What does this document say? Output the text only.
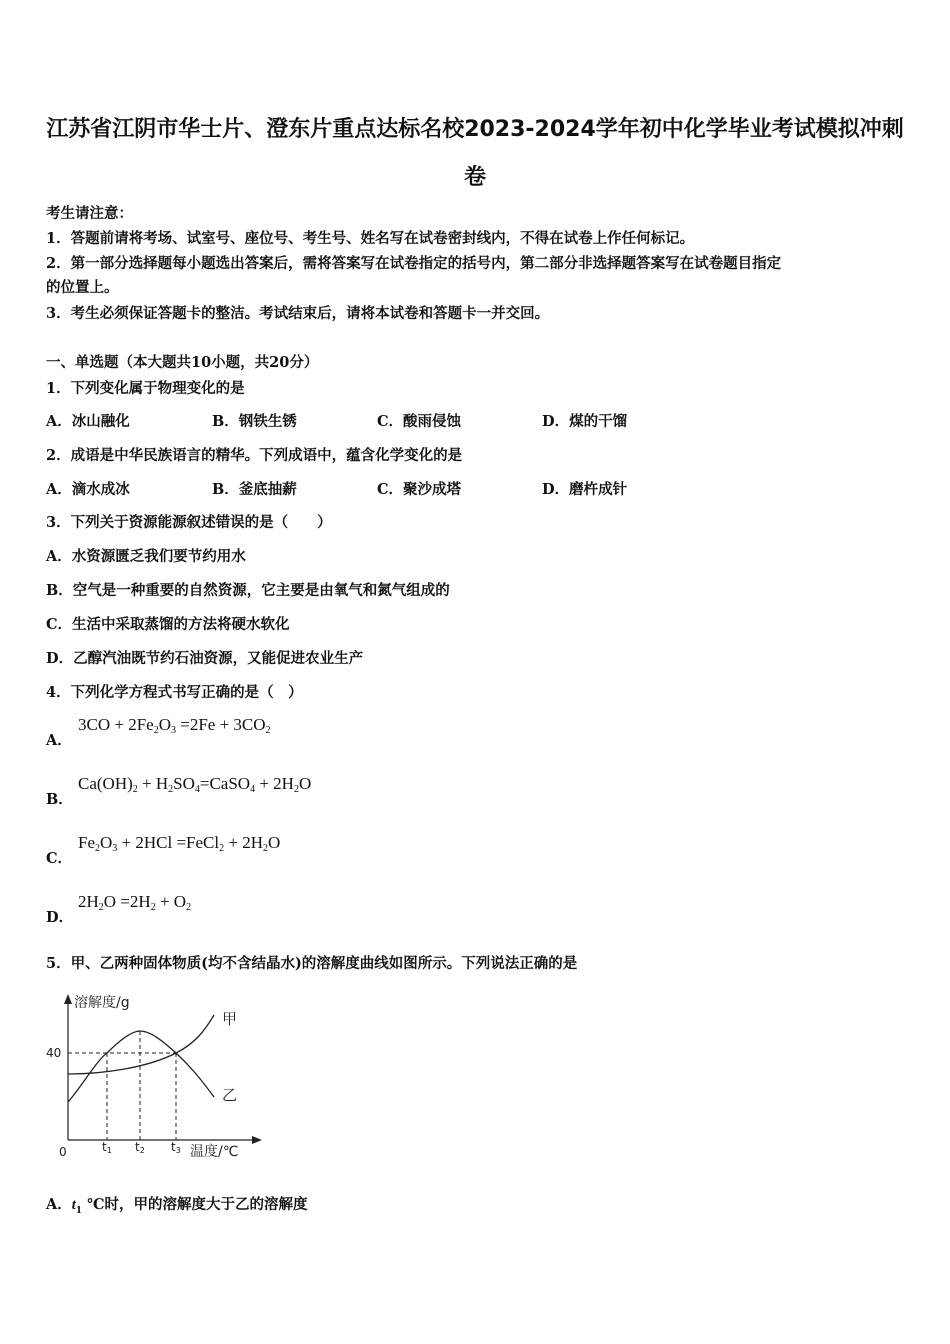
江苏省江阴市华士片、澄东片重点达标名校2023-2024学年初中化学毕业考试模拟冲刺
卷
考生请注意：
1．答题前请将考场、试室号、座位号、考生号、姓名写在试卷密封线内，不得在试卷上作任何标记。
2．第一部分选择题每小题选出答案后，需将答案写在试卷指定的括号内，第二部分非选择题答案写在试卷题目指定
的位置上。
3．考生必须保证答题卡的整洁。考试结束后，请将本试卷和答题卡一并交回。
一、单选题（本大题共10小题，共20分）
1．下列变化属于物理变化的是
A．冰山融化	B．钢铁生锈	C．酸雨侵蚀	D．煤的干馏
2．成语是中华民族语言的精华。下列成语中，蕴含化学变化的是
A．滴水成冰	B．釜底抽薪	C．聚沙成塔	D．磨杵成针
3．下列关于资源能源叙述错误的是（　　）
A．水资源匮乏我们要节约用水
B．空气是一种重要的自然资源，它主要是由氧气和氮气组成的
C．生活中采取蒸馏的方法将硬水软化
D．乙醇汽油既节约石油资源，又能促进农业生产
4．下列化学方程式书写正确的是（　）
A．
$3CO + 2Fe_2O_3 =2Fe + 3CO_2$
B．
$Ca(OH)_2$ + $H_2SO_4=CaSO_4 + 2H_2O$
C．
$Fe_2O_3 + 2HCl$ =FeCl$_2$ + $2H_2O$
D．
$2H_2O =2H_2 + O_2$
5．甲、乙两种固体物质(均不含结晶水)的溶解度曲线如图所示。下列说法正确的是
溶解度/g
温度/℃
40
0	t1 t2 t3
甲
乙
A．$t_1$ ℃时，甲的溶解度大于乙的溶解度
